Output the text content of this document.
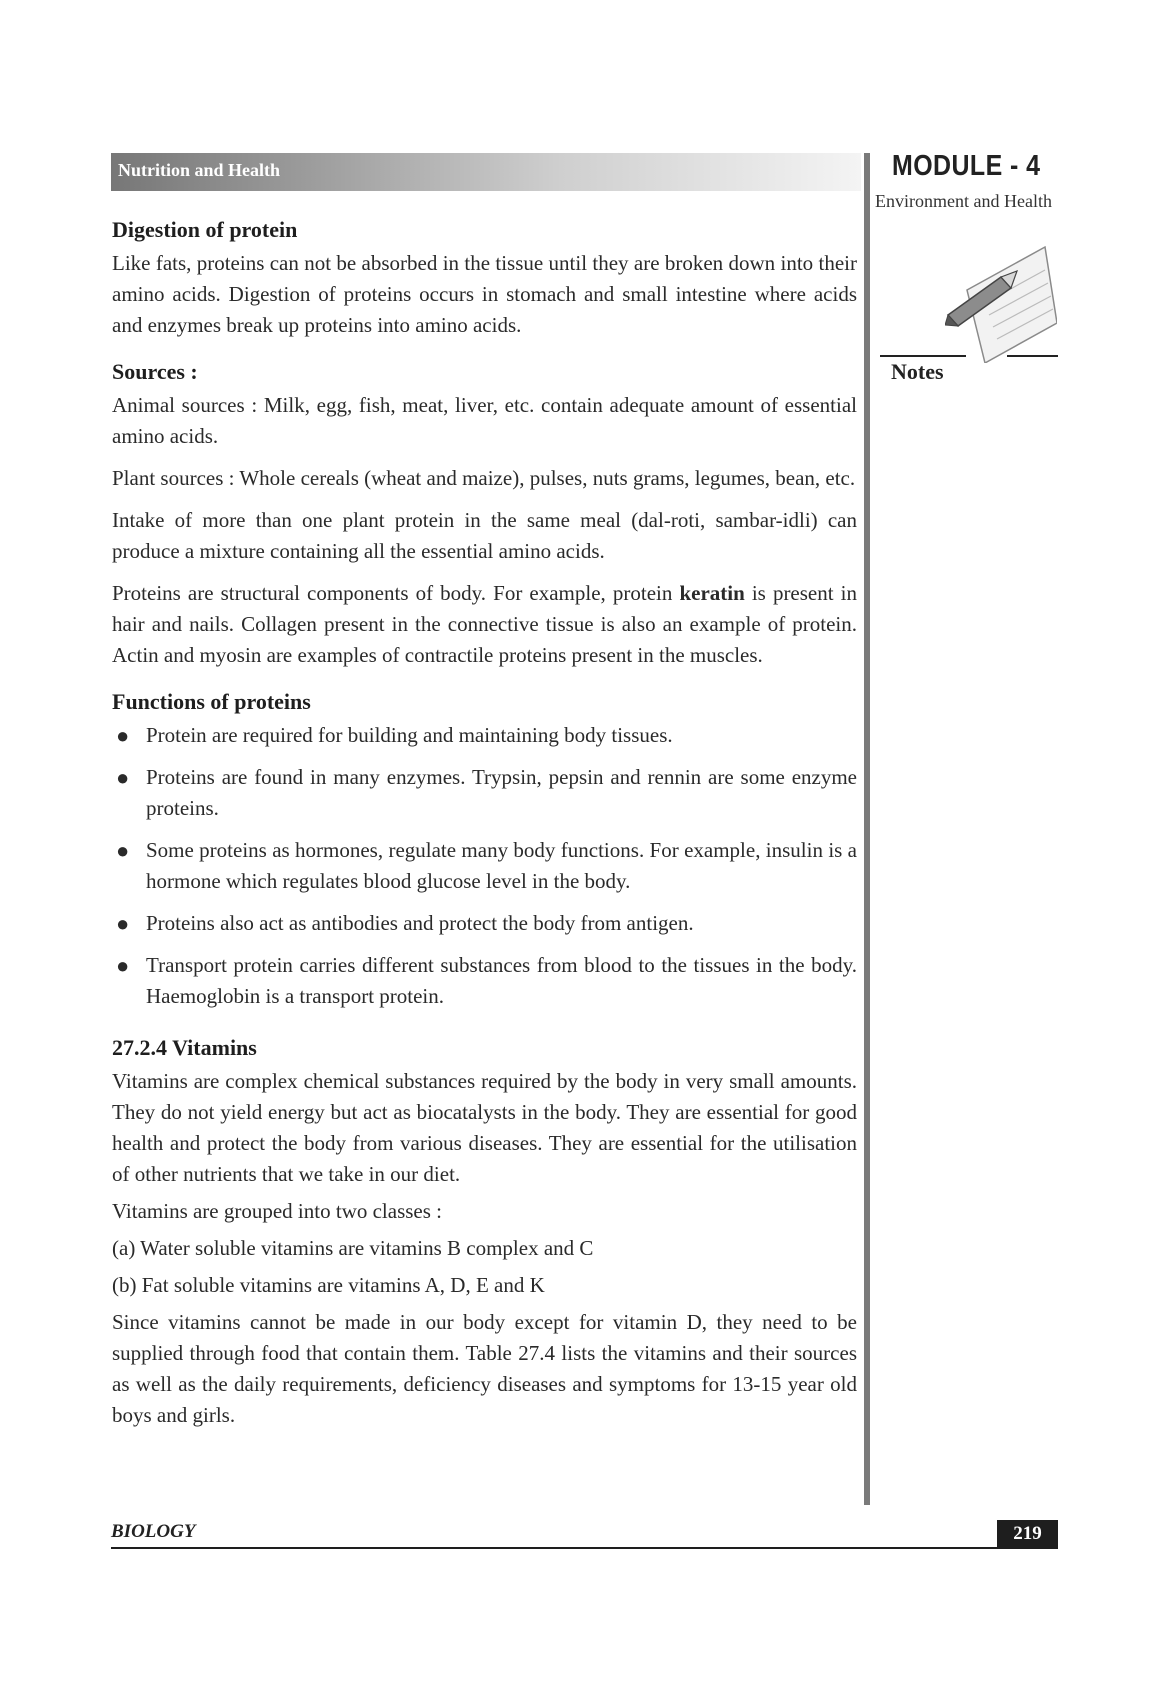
Nutrition and Health	MODULE - 4
Environment and Health
Notes
Digestion of protein

Like fats, proteins can not be absorbed in the tissue until they are broken down into their amino acids. Digestion of proteins occurs in stomach and small intestine where acids and enzymes break up proteins into amino acids.

Sources :

Animal sources : Milk, egg, fish, meat, liver, etc. contain adequate amount of essential amino acids.

Plant sources : Whole cereals (wheat and maize), pulses, nuts grams, legumes, bean, etc.

Intake of more than one plant protein in the same meal (dal-roti, sambar-idli) can produce a mixture containing all the essential amino acids.

Proteins are structural components of body. For example, protein keratin is present in hair and nails. Collagen present in the connective tissue is also an example of protein. Actin and myosin are examples of contractile proteins present in the muscles.

Functions of proteins
● Protein are required for building and maintaining body tissues.
● Proteins are found in many enzymes. Trypsin, pepsin and rennin are some enzyme proteins.
● Some proteins as hormones, regulate many body functions. For example, insulin is a hormone which regulates blood glucose level in the body.
● Proteins also act as antibodies and protect the body from antigen.
● Transport protein carries different substances from blood to the tissues in the body. Haemoglobin is a transport protein.
27.2.4 Vitamins

Vitamins are complex chemical substances required by the body in very small amounts. They do not yield energy but act as biocatalysts in the body. They are essential for good health and protect the body from various diseases. They are essential for the utilisation of other nutrients that we take in our diet.

Vitamins are grouped into two classes :

(a) Water soluble vitamins are vitamins B complex and C

(b) Fat soluble vitamins are vitamins A, D, E and K

Since vitamins cannot be made in our body except for vitamin D, they need to be supplied through food that contain them. Table 27.4 lists the vitamins and their sources as well as the daily requirements, deficiency diseases and symptoms for 13-15 year old boys and girls.

BIOLOGY	219
